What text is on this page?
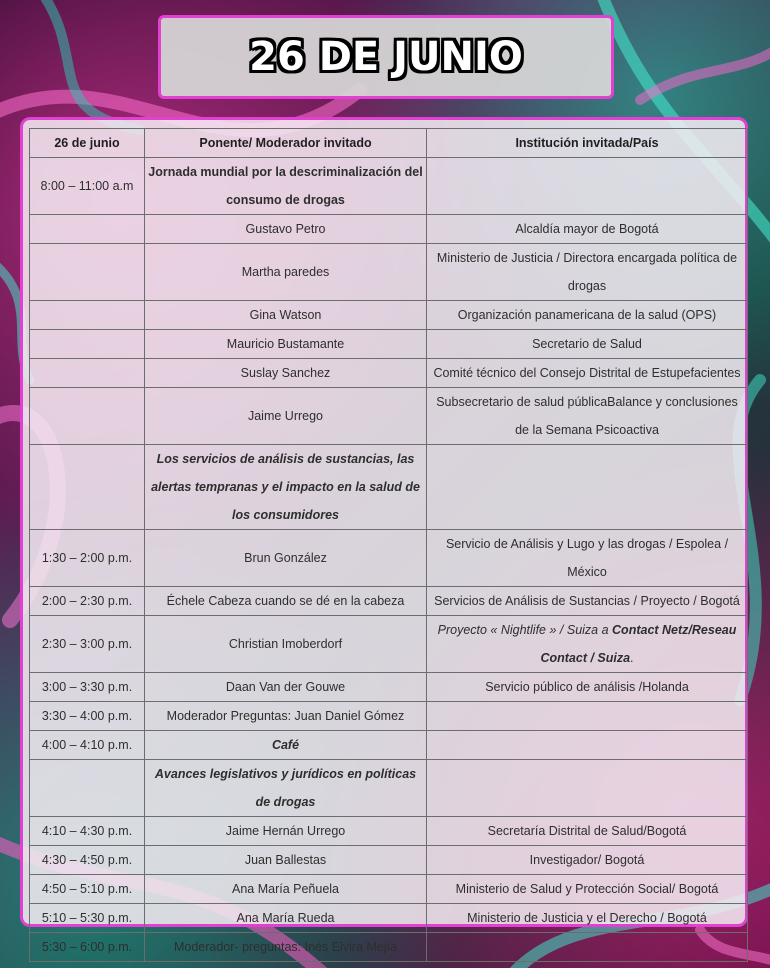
26 DE JUNIO
26 de junio	Ponente/ Moderador invitado	Institución invitada/País
8:00 – 11:00 a.m	Jornada mundial por la descriminalización del consumo de drogas	
	Gustavo Petro	Alcaldía mayor de Bogotá
	Martha paredes	Ministerio de Justicia / Directora encargada política de drogas
	Gina Watson	Organización panamericana de la salud (OPS)
	Mauricio Bustamante	Secretario de Salud
	Suslay Sanchez	Comité técnico del Consejo Distrital de Estupefacientes
	Jaime Urrego	Subsecretario de salud públicaBalance y conclusiones de la Semana Psicoactiva
	Los servicios de análisis de sustancias, las alertas tempranas y el impacto en la salud de los consumidores	
1:30 – 2:00 p.m.	Brun González	Servicio de Análisis y Lugo y las drogas / Espolea / México
2:00 – 2:30 p.m.	Échele Cabeza cuando se dé en la cabeza	Servicios de Análisis de Sustancias / Proyecto / Bogotá
2:30 – 3:00 p.m.	Christian Imoberdorf	Proyecto « Nightlife » / Suiza a Contact Netz/Reseau Contact / Suiza.
3:00 – 3:30 p.m.	Daan Van der Gouwe	Servicio público de análisis /Holanda
3:30 – 4:00 p.m.	Moderador Preguntas: Juan Daniel Gómez	
4:00 – 4:10 p.m.	Café	
	Avances legislativos y jurídicos en políticas de drogas	
4:10 – 4:30 p.m.	Jaime Hernán Urrego	Secretaría Distrital de Salud/Bogotá
4:30 – 4:50 p.m.	Juan Ballestas	Investigador/ Bogotá
4:50 – 5:10 p.m.	Ana María Peñuela	Ministerio de Salud y Protección Social/ Bogotá
5:10 – 5:30 p.m.	Ana María Rueda	Ministerio de Justicia y el Derecho / Bogotá
5:30 – 6:00 p.m.	Moderador- preguntas: Inés Elvira Mejía	
